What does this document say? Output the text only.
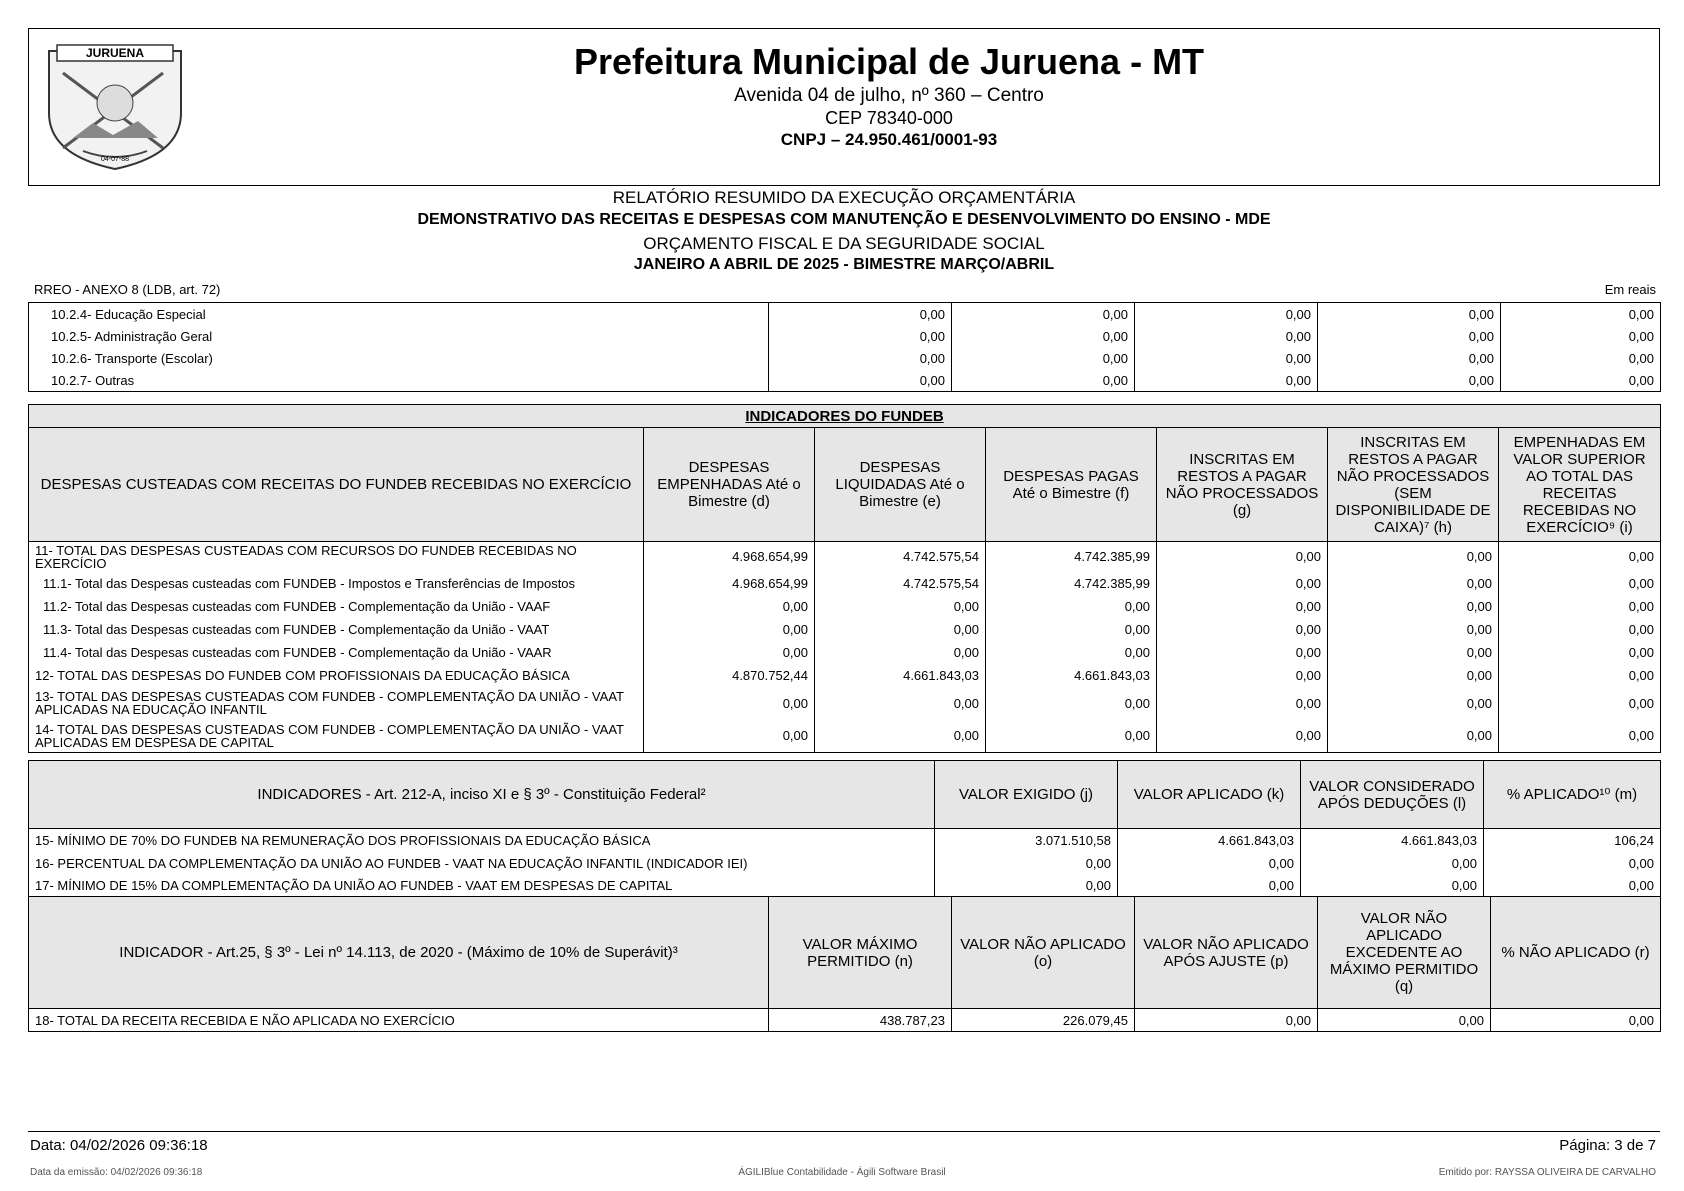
JURUENA
04-07-88
Prefeitura Municipal de Juruena - MT
Avenida 04 de julho, nº 360 – Centro
CEP 78340-000
CNPJ – 24.950.461/0001-93
RELATÓRIO RESUMIDO DA EXECUÇÃO ORÇAMENTÁRIA
DEMONSTRATIVO DAS RECEITAS E DESPESAS COM MANUTENÇÃO E DESENVOLVIMENTO DO ENSINO - MDE
ORÇAMENTO FISCAL E DA SEGURIDADE SOCIAL
JANEIRO A ABRIL DE 2025 - BIMESTRE MARÇO/ABRIL
RREO - ANEXO 8 (LDB, art. 72)	Em reais
10.2.4- Educação Especial	0,00	0,00	0,00	0,00	0,00
10.2.5- Administração Geral	0,00	0,00	0,00	0,00	0,00
10.2.6- Transporte (Escolar)	0,00	0,00	0,00	0,00	0,00
10.2.7- Outras	0,00	0,00	0,00	0,00	0,00
INDICADORES DO FUNDEB						
DESPESAS CUSTEADAS COM RECEITAS DO FUNDEB RECEBIDAS NO EXERCÍCIO	DESPESAS EMPENHADAS Até o Bimestre (d)	DESPESAS LIQUIDADAS Até o Bimestre (e)	DESPESAS PAGAS Até o Bimestre (f)	INSCRITAS EM RESTOS A PAGAR NÃO PROCESSADOS (g)	INSCRITAS EM RESTOS A PAGAR NÃO PROCESSADOS (SEM DISPONIBILIDADE DE CAIXA)⁷ (h)	EMPENHADAS EM VALOR SUPERIOR AO TOTAL DAS RECEITAS RECEBIDAS NO EXERCÍCIO⁹ (i)
11- TOTAL DAS DESPESAS CUSTEADAS COM RECURSOS DO FUNDEB RECEBIDAS NO EXERCÍCIO	4.968.654,99	4.742.575,54	4.742.385,99	0,00	0,00	0,00
11.1- Total das Despesas custeadas com FUNDEB - Impostos e Transferências de Impostos	4.968.654,99	4.742.575,54	4.742.385,99	0,00	0,00	0,00
11.2- Total das Despesas custeadas com FUNDEB - Complementação da União - VAAF	0,00	0,00	0,00	0,00	0,00	0,00
11.3- Total das Despesas custeadas com FUNDEB - Complementação da União - VAAT	0,00	0,00	0,00	0,00	0,00	0,00
11.4- Total das Despesas custeadas com FUNDEB - Complementação da União - VAAR	0,00	0,00	0,00	0,00	0,00	0,00
12- TOTAL DAS DESPESAS DO FUNDEB COM PROFISSIONAIS DA EDUCAÇÃO BÁSICA	4.870.752,44	4.661.843,03	4.661.843,03	0,00	0,00	0,00
13- TOTAL DAS DESPESAS CUSTEADAS COM FUNDEB - COMPLEMENTAÇÃO DA UNIÃO - VAAT APLICADAS NA EDUCAÇÃO INFANTIL	0,00	0,00	0,00	0,00	0,00	0,00
14- TOTAL DAS DESPESAS CUSTEADAS COM FUNDEB - COMPLEMENTAÇÃO DA UNIÃO - VAAT APLICADAS EM DESPESA DE CAPITAL	0,00	0,00	0,00	0,00	0,00	0,00
INDICADORES - Art. 212-A, inciso XI e § 3º - Constituição Federal²	VALOR EXIGIDO (j)	VALOR APLICADO (k)	VALOR CONSIDERADO APÓS DEDUÇÕES (l)	% APLICADO¹⁰ (m)
15- MÍNIMO DE 70% DO FUNDEB NA REMUNERAÇÃO DOS PROFISSIONAIS DA EDUCAÇÃO BÁSICA	3.071.510,58	4.661.843,03	4.661.843,03	106,24
16- PERCENTUAL DA COMPLEMENTAÇÃO DA UNIÃO AO FUNDEB - VAAT NA EDUCAÇÃO INFANTIL (INDICADOR IEI)	0,00	0,00	0,00	0,00
17- MÍNIMO DE 15% DA COMPLEMENTAÇÃO DA UNIÃO AO FUNDEB - VAAT EM DESPESAS DE CAPITAL	0,00	0,00	0,00	0,00
INDICADOR - Art.25, § 3º - Lei nº 14.113, de 2020 - (Máximo de 10% de Superávit)³	VALOR MÁXIMO PERMITIDO (n)	VALOR NÃO APLICADO (o)	VALOR NÃO APLICADO APÓS AJUSTE (p)	VALOR NÃO APLICADO EXCEDENTE AO MÁXIMO PERMITIDO (q)	% NÃO APLICADO (r)
18- TOTAL DA RECEITA RECEBIDA E NÃO APLICADA NO EXERCÍCIO	438.787,23	226.079,45	0,00	0,00	0,00
Data: 04/02/2026 09:36:18	Página: 3 de 7
Data da emissão: 04/02/2026 09:36:18	ÁGILIBlue Contabilidade - Ágili Software Brasil	Emitido por: RAYSSA OLIVEIRA DE CARVALHO
